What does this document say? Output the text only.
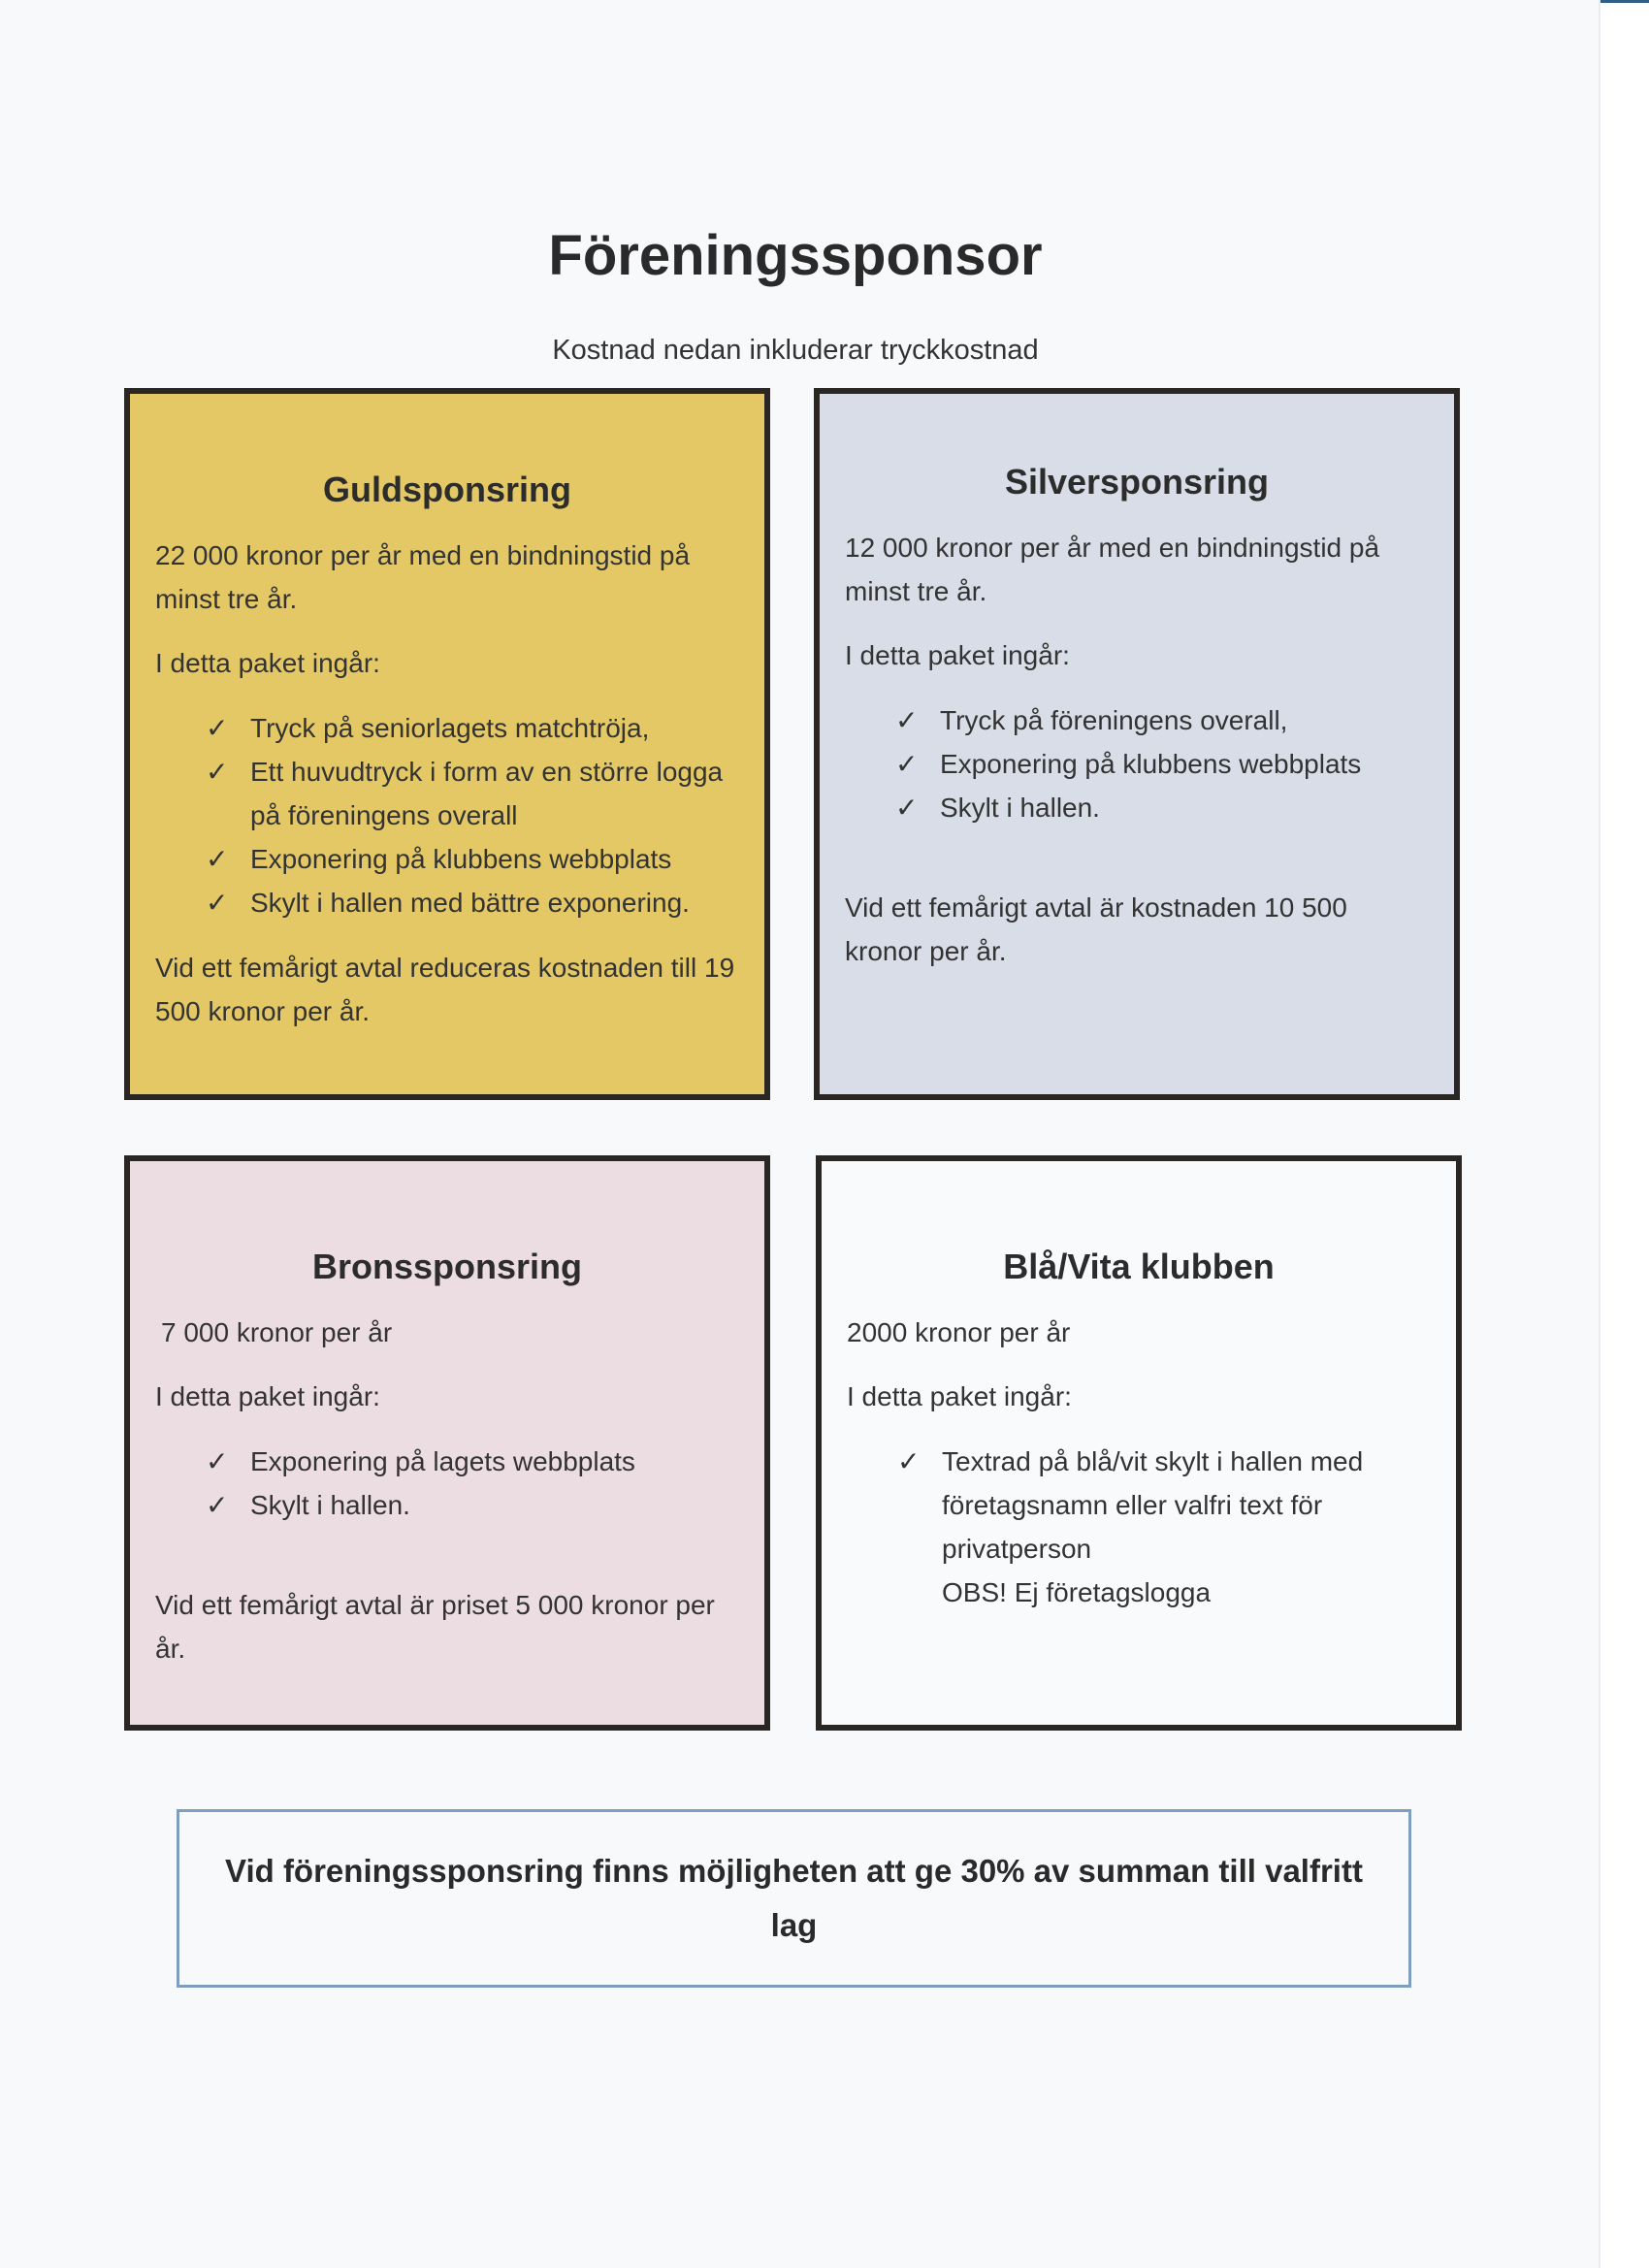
Föreningssponsor
Kostnad nedan inkluderar tryckkostnad
Guldsponsring

22 000 kronor per år med en bindningstid på minst tre år.

I detta paket ingår:

✓ Tryck på seniorlagets matchtröja,
✓ Ett huvudtryck i form av en större logga på föreningens overall
✓ Exponering på klubbens webbplats
✓ Skylt i hallen med bättre exponering.

Vid ett femårigt avtal reduceras kostnaden till 19 500 kronor per år.

Silversponsring

12 000 kronor per år med en bindningstid på minst tre år.

I detta paket ingår:

✓ Tryck på föreningens overall,
✓ Exponering på klubbens webbplats
✓ Skylt i hallen.

Vid ett femårigt avtal är kostnaden 10 500 kronor per år.

Bronssponsring

7 000 kronor per år

I detta paket ingår:

✓ Exponering på lagets webbplats
✓ Skylt i hallen.

Vid ett femårigt avtal är priset 5 000 kronor per år.

Blå/Vita klubben

2000 kronor per år

I detta paket ingår:

✓ Textrad på blå/vit skylt i hallen med företagsnamn eller valfri text för privatperson

OBS! Ej företagslogga

Vid föreningssponsring finns möjligheten att ge 30% av summan till valfritt lag
